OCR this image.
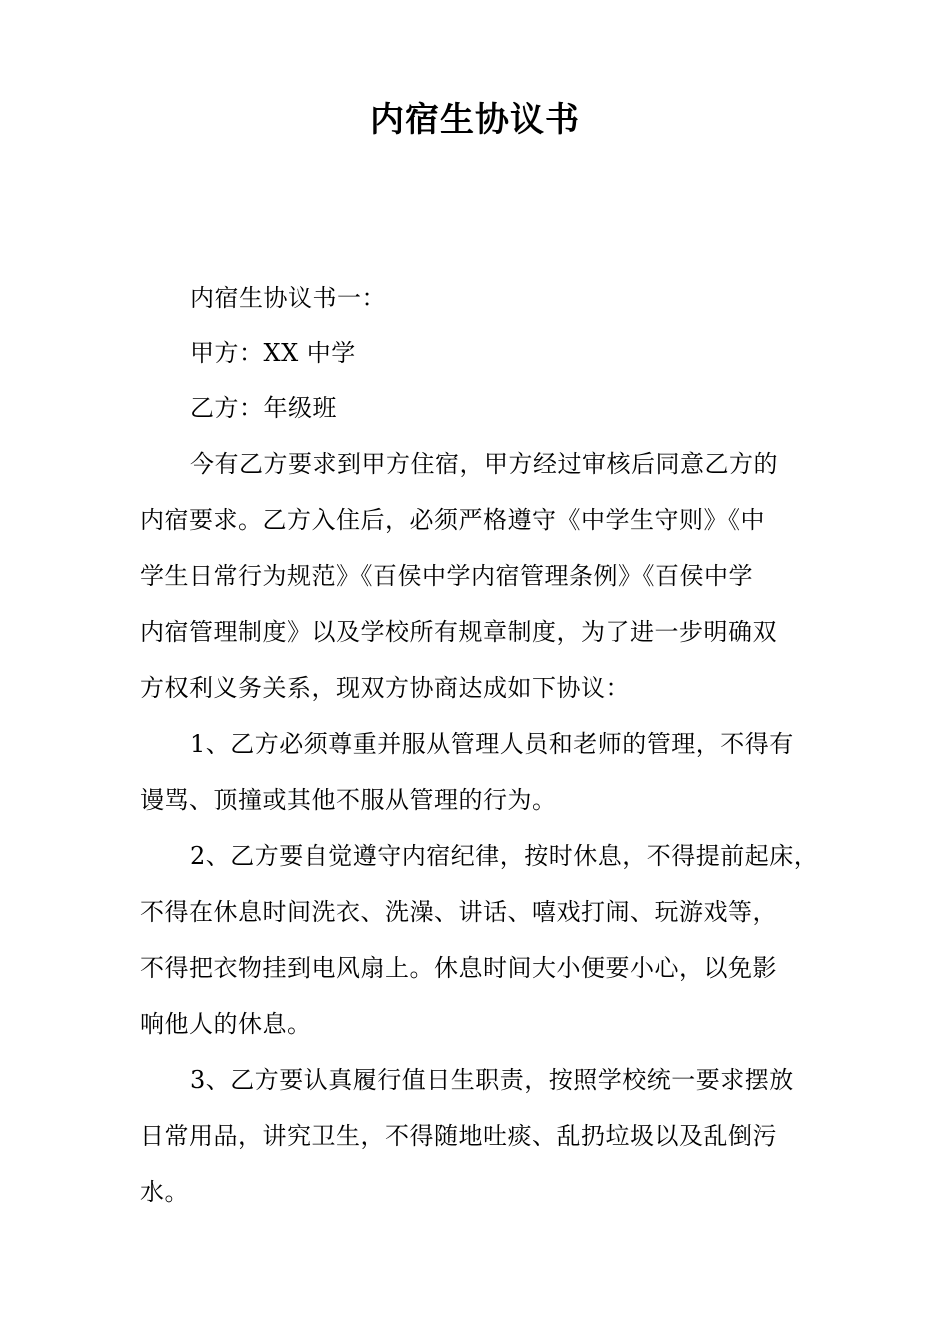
内宿生协议书

内宿生协议书一：

甲方：XX 中学

乙方：年级班

今有乙方要求到甲方住宿，甲方经过审核后同意乙方的

内宿要求。乙方入住后，必须严格遵守《中学生守则》《中

学生日常行为规范》《百侯中学内宿管理条例》《百侯中学

内宿管理制度》以及学校所有规章制度，为了进一步明确双

方权利义务关系，现双方协商达成如下协议：

1、乙方必须尊重并服从管理人员和老师的管理，不得有

谩骂、顶撞或其他不服从管理的行为。

2、乙方要自觉遵守内宿纪律，按时休息，不得提前起床，

不得在休息时间洗衣、洗澡、讲话、嘻戏打闹、玩游戏等，

不得把衣物挂到电风扇上。休息时间大小便要小心，以免影

响他人的休息。

3、乙方要认真履行值日生职责，按照学校统一要求摆放

日常用品，讲究卫生，不得随地吐痰、乱扔垃圾以及乱倒污

水。
